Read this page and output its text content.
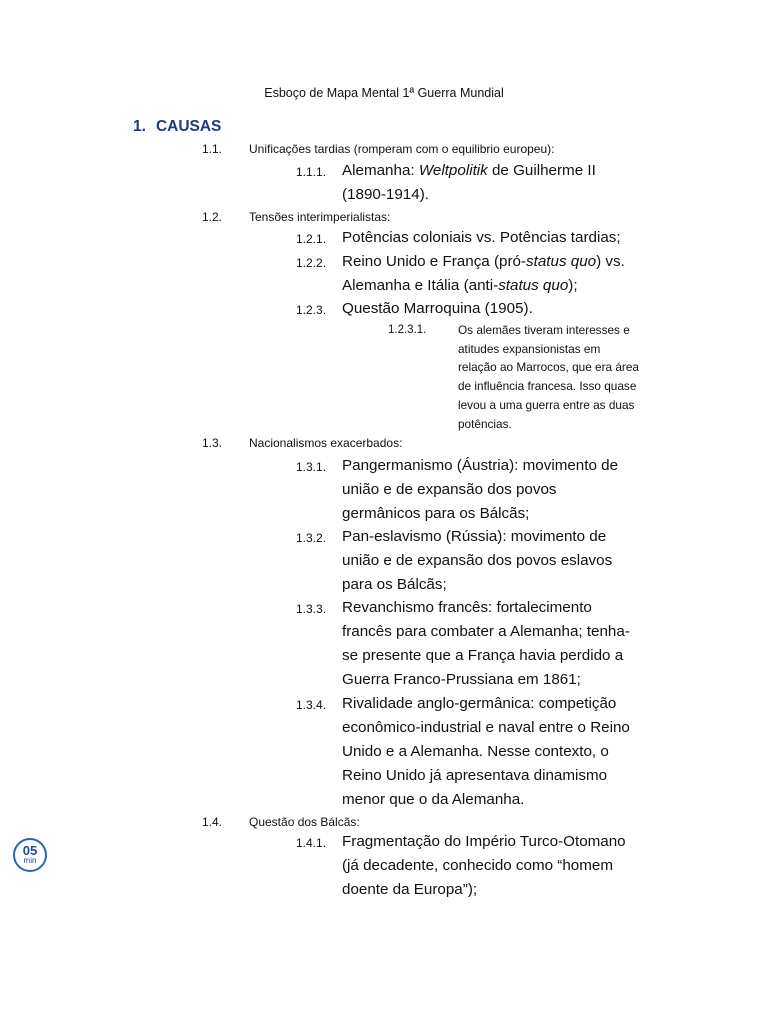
Esboço de Mapa Mental 1ª Guerra Mundial
1. CAUSAS
1.1. Unificações tardias (romperam com o equilibrio europeu):
1.1.1. Alemanha: Weltpolitik de Guilherme II
(1890-1914).
1.2. Tensões interimperialistas:
1.2.1. Potências coloniais vs. Potências tardias;
1.2.2. Reino Unido e França (pró-status quo) vs.
Alemanha e Itália (anti-status quo);
1.2.3. Questão Marroquina (1905).
1.2.3.1.	Os alemães tiveram interesses e
atitudes expansionistas em
relação ao Marrocos, que era área
de influência francesa. Isso quase
levou a uma guerra entre as duas
potências.
1.3. Nacionalismos exacerbados:
1.3.1. Pangermanismo (Áustria): movimento de
união e de expansão dos povos
germânicos para os Bálcãs;
1.3.2. Pan-eslavismo (Rússia): movimento de
união e de expansão dos povos eslavos
para os Bálcãs;
1.3.3. Revanchismo francês: fortalecimento
francês para combater a Alemanha; tenha-
se presente que a França havia perdido a
Guerra Franco-Prussiana em 1861;
1.3.4. Rivalidade anglo-germânica: competição
econômico-industrial e naval entre o Reino
Unido e a Alemanha. Nesse contexto, o
Reino Unido já apresentava dinamismo
menor que o da Alemanha.
1.4. Questão dos Bálcãs:
1.4.1. Fragmentação do Império Turco-Otomano
(já decadente, conhecido como “homem
doente da Europa”);
05
min
